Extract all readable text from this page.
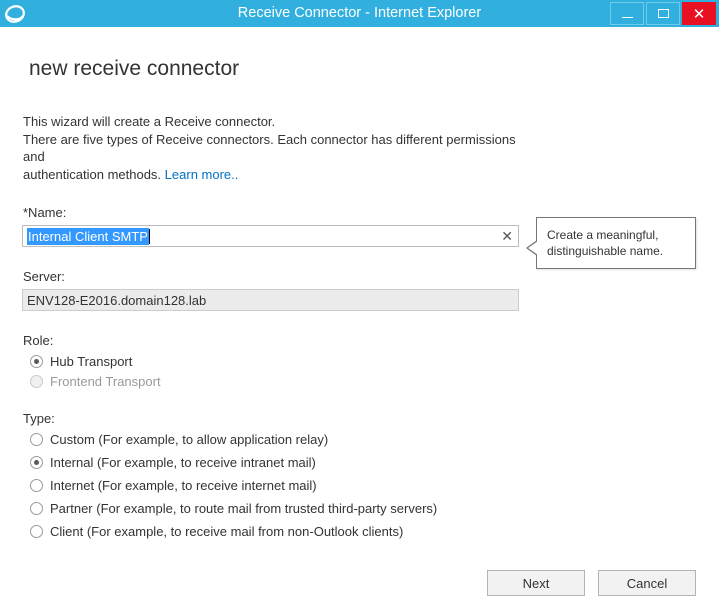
Receive Connector - Internet Explorer	✕
new receive connector

This wizard will create a Receive connector.

There are five types of Receive connectors. Each connector has different permissions and

authentication methods. Learn more..

*Name:
Internal Client SMTP	✕
Server:
ENV128-E2016.domain128.lab
Role:
Hub Transport
Frontend Transport
Type:
Custom (For example, to allow application relay)
Internal (For example, to receive intranet mail)
Internet (For example, to receive internet mail)
Partner (For example, to route mail from trusted third-party servers)
Client (For example, to receive mail from non-Outlook clients)
Create a meaningful,
distinguishable name.
Next	Cancel
